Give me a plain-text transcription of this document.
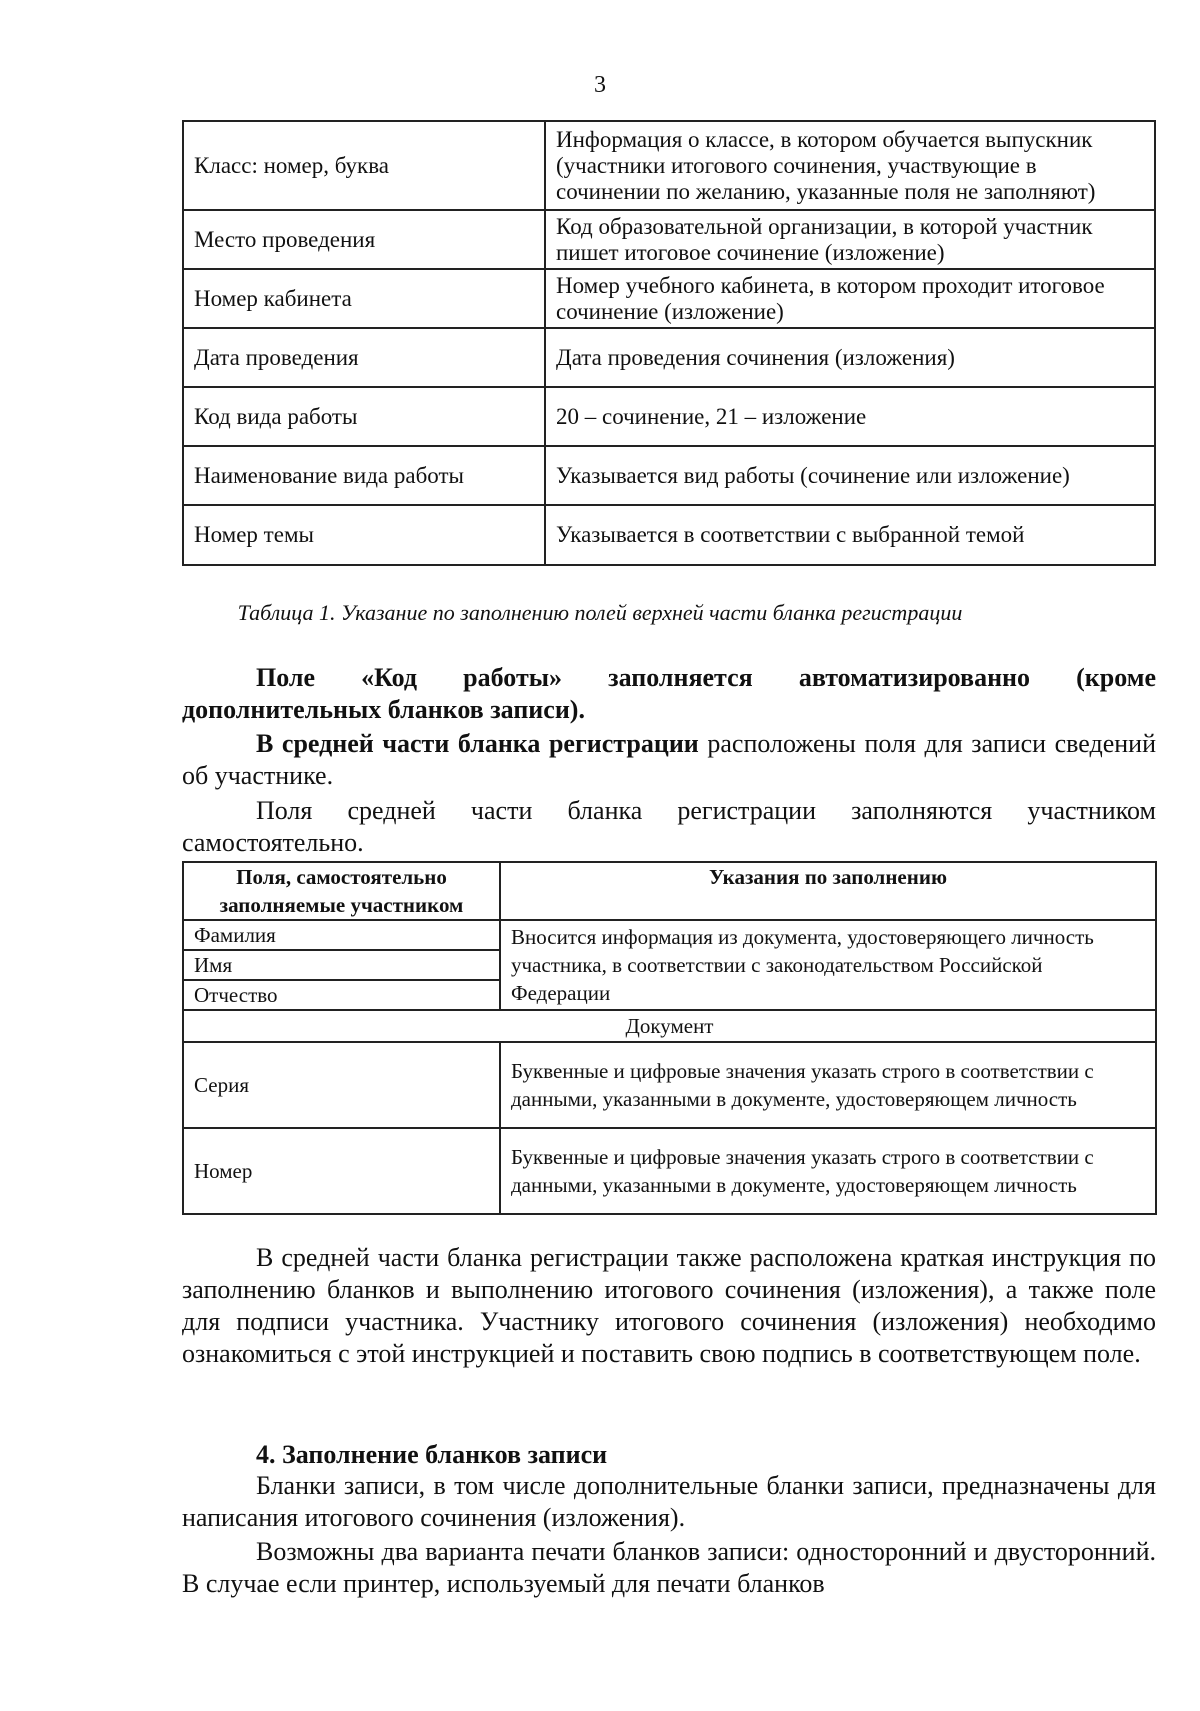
3
Класс: номер, буква	Информация о классе, в котором обучается выпускник (участники итогового сочинения, участвующие в сочинении по желанию, указанные поля не заполняют)
Место проведения	Код образовательной организации, в которой участник пишет итоговое сочинение (изложение)
Номер кабинета	Номер учебного кабинета, в котором проходит итоговое сочинение (изложение)
Дата проведения	Дата проведения сочинения (изложения)
Код вида работы	20 – сочинение, 21 – изложение
Наименование вида работы	Указывается вид работы (сочинение или изложение)
Номер темы	Указывается в соответствии с выбранной темой
Таблица 1. Указание по заполнению полей верхней части бланка регистрации
Поле «Код работы» заполняется автоматизированно (кроме дополнительных бланков записи).
В средней части бланка регистрации расположены поля для записи сведений об участнике.
Поля средней части бланка регистрации заполняются участником самостоятельно.
Поля, самостоятельно заполняемые участником	Указания по заполнению
Фамилия	Вносится информация из документа, удостоверяющего личность участника, в соответствии с законодательством Российской Федерации
Имя	
Отчество	
Документ	
Серия	Буквенные и цифровые значения указать строго в соответствии с данными, указанными в документе, удостоверяющем личность
Номер	Буквенные и цифровые значения указать строго в соответствии с данными, указанными в документе, удостоверяющем личность
В средней части бланка регистрации также расположена краткая инструкция по заполнению бланков и выполнению итогового сочинения (изложения), а также поле для подписи участника. Участнику итогового сочинения (изложения) необходимо ознакомиться с этой инструкцией и поставить свою подпись в соответствующем поле.
4. Заполнение бланков записи
Бланки записи, в том числе дополнительные бланки записи, предназначены для написания итогового сочинения (изложения).
Возможны два варианта печати бланков записи: односторонний и двусторонний. В случае если принтер, используемый для печати бланков
